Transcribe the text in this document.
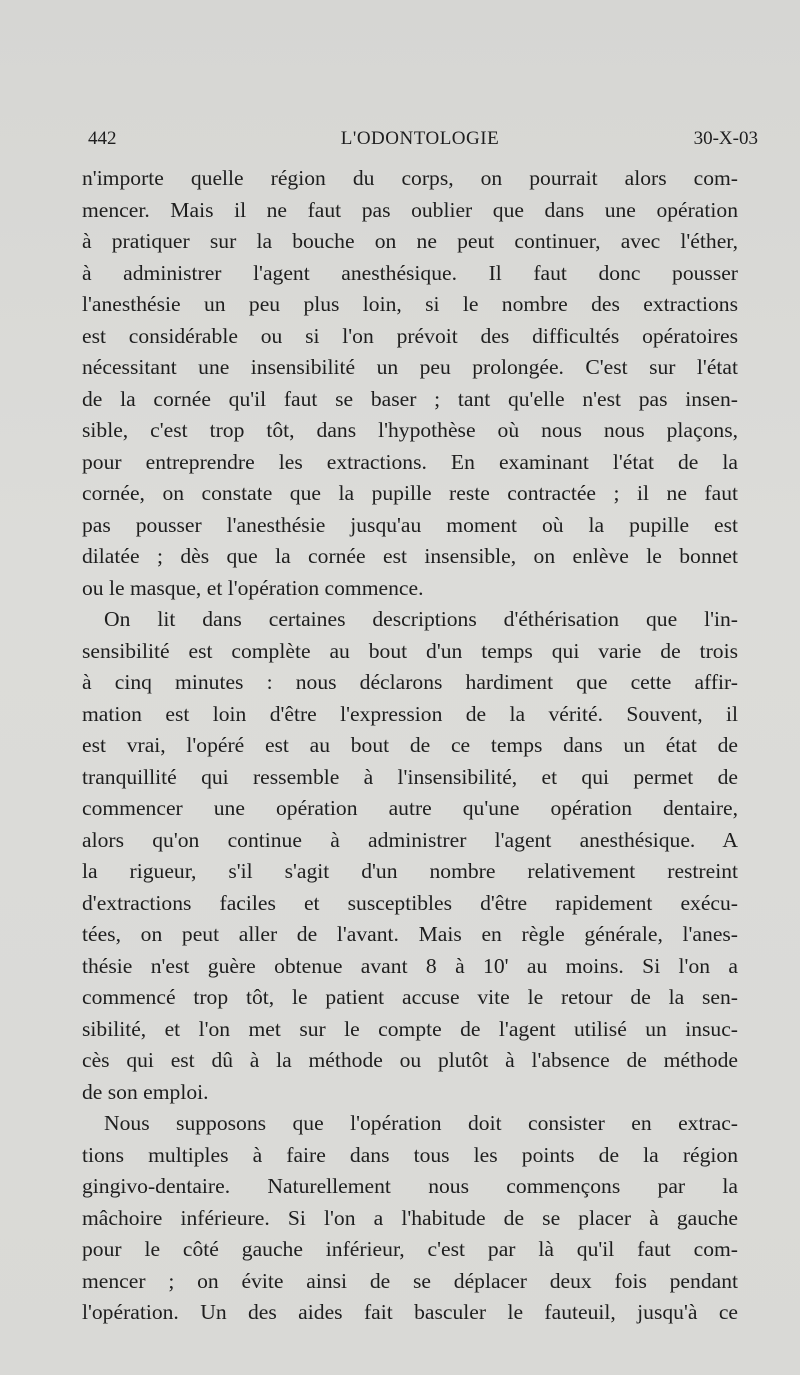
442	L'ODONTOLOGIE	30-X-03
n'importe quelle région du corps, on pourrait alors com-
mencer. Mais il ne faut pas oublier que dans une opération
à pratiquer sur la bouche on ne peut continuer, avec l'éther,
à administrer l'agent anesthésique. Il faut donc pousser
l'anesthésie un peu plus loin, si le nombre des extractions
est considérable ou si l'on prévoit des difficultés opératoires
nécessitant une insensibilité un peu prolongée. C'est sur l'état
de la cornée qu'il faut se baser ; tant qu'elle n'est pas insen-
sible, c'est trop tôt, dans l'hypothèse où nous nous plaçons,
pour entreprendre les extractions. En examinant l'état de la
cornée, on constate que la pupille reste contractée ; il ne faut
pas pousser l'anesthésie jusqu'au moment où la pupille est
dilatée ; dès que la cornée est insensible, on enlève le bonnet
ou le masque, et l'opération commence.
On lit dans certaines descriptions d'éthérisation que l'in-
sensibilité est complète au bout d'un temps qui varie de trois
à cinq minutes : nous déclarons hardiment que cette affir-
mation est loin d'être l'expression de la vérité. Souvent, il
est vrai, l'opéré est au bout de ce temps dans un état de
tranquillité qui ressemble à l'insensibilité, et qui permet de
commencer une opération autre qu'une opération dentaire,
alors qu'on continue à administrer l'agent anesthésique. A
la rigueur, s'il s'agit d'un nombre relativement restreint
d'extractions faciles et susceptibles d'être rapidement exécu-
tées, on peut aller de l'avant. Mais en règle générale, l'anes-
thésie n'est guère obtenue avant 8 à 10' au moins. Si l'on a
commencé trop tôt, le patient accuse vite le retour de la sen-
sibilité, et l'on met sur le compte de l'agent utilisé un insuc-
cès qui est dû à la méthode ou plutôt à l'absence de méthode
de son emploi.
Nous supposons que l'opération doit consister en extrac-
tions multiples à faire dans tous les points de la région
gingivo-dentaire. Naturellement nous commençons par la
mâchoire inférieure. Si l'on a l'habitude de se placer à gauche
pour le côté gauche inférieur, c'est par là qu'il faut com-
mencer ; on évite ainsi de se déplacer deux fois pendant
l'opération. Un des aides fait basculer le fauteuil, jusqu'à ce
